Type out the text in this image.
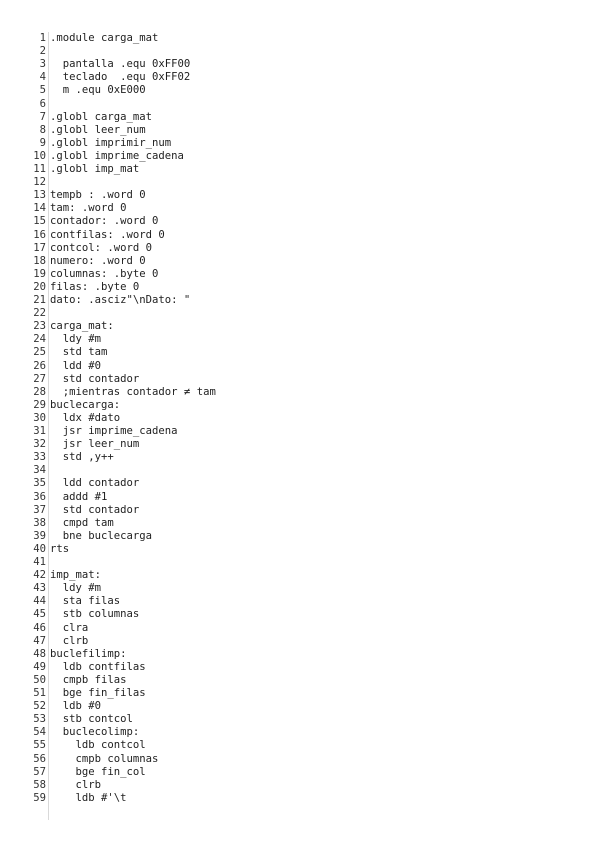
1 .module carga_mat
2
3  pantalla .equ 0xFF00
4  teclado  .equ 0xFF02
5  m .equ 0xE000
6
7 .globl carga_mat
8 .globl leer_num
9 .globl imprimir_num
10 .globl imprime_cadena
11 .globl imp_mat
12
13 tempb : .word 0
14 tam: .word 0
15 contador: .word 0
16 contfilas: .word 0
17 contcol: .word 0
18 numero: .word 0
19 columnas: .byte 0
20 filas: .byte 0
21 dato: .asciz"\nDato: "
22
23 carga_mat:
24  ldy #m
25  std tam
26  ldd #0
27  std contador
28  ;mientras contador ≠ tam
29 buclecarga:
30  ldx #dato
31  jsr imprime_cadena
32  jsr leer_num
33  std ,y++
34
35  ldd contador
36  addd #1
37  std contador
38  cmpd tam
39  bne buclecarga
40 rts
41
42 imp_mat:
43  ldy #m
44  sta filas
45  stb columnas
46  clra
47  clrb
48 buclefilimp:
49  ldb contfilas
50  cmpb filas
51  bge fin_filas
52  ldb #0
53  stb contcol
54  buclecolimp:
55    ldb contcol
56    cmpb columnas
57    bge fin_col
58    clrb
59    ldb #'\t
